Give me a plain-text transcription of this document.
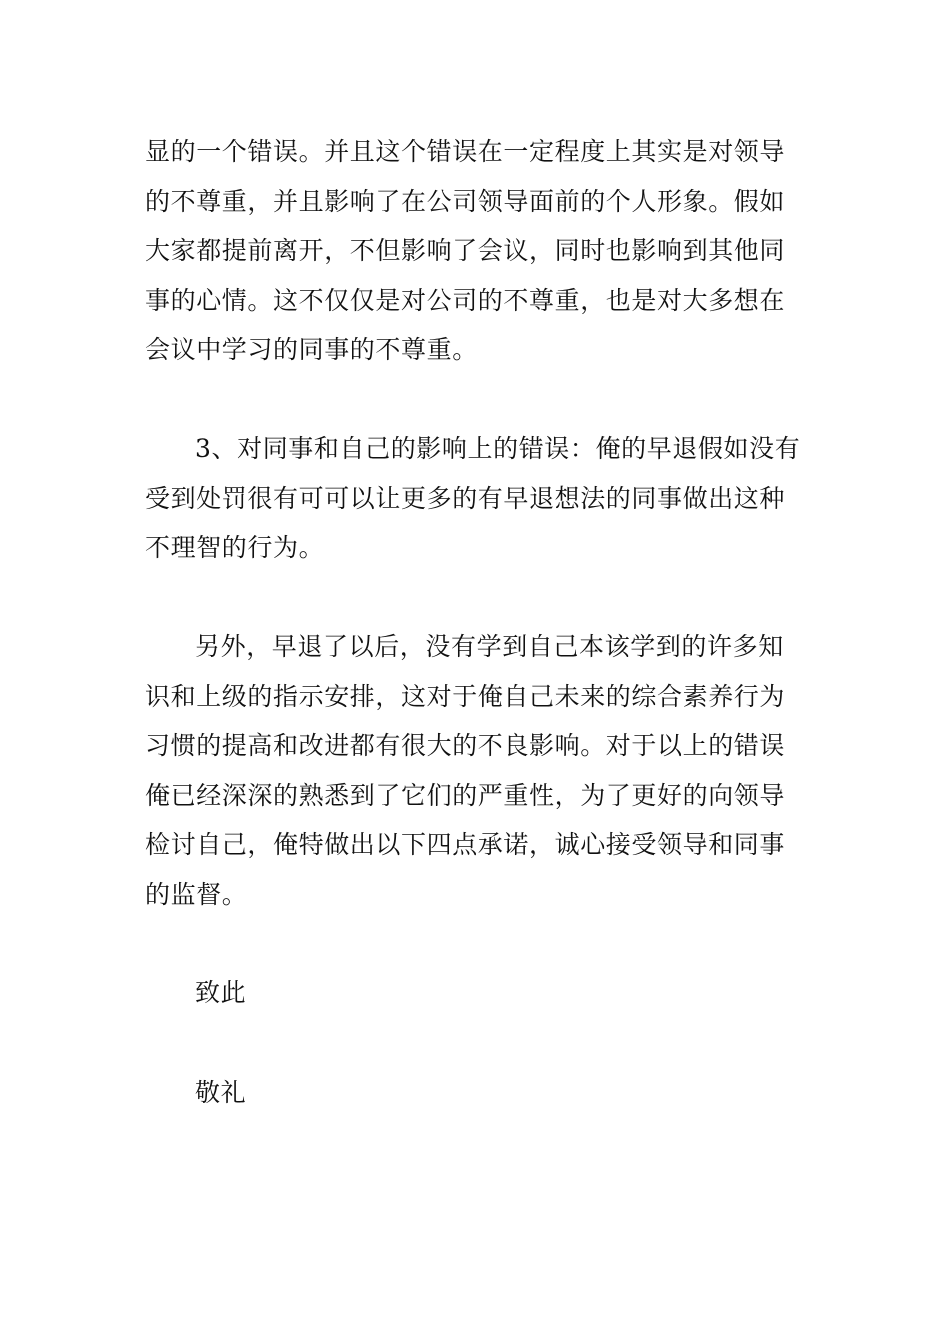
显的一个错误。并且这个错误在一定程度上其实是对领导
的不尊重，并且影响了在公司领导面前的个人形象。假如
大家都提前离开，不但影响了会议，同时也影响到其他同
事的心情。这不仅仅是对公司的不尊重，也是对大多想在
会议中学习的同事的不尊重。

3、对同事和自己的影响上的错误：俺的早退假如没有
受到处罚很有可可以让更多的有早退想法的同事做出这种
不理智的行为。

另外，早退了以后，没有学到自己本该学到的许多知
识和上级的指示安排，这对于俺自己未来的综合素养行为
习惯的提高和改进都有很大的不良影响。对于以上的错误
俺已经深深的熟悉到了它们的严重性，为了更好的向领导
检讨自己，俺特做出以下四点承诺，诚心接受领导和同事
的监督。

致此

敬礼
